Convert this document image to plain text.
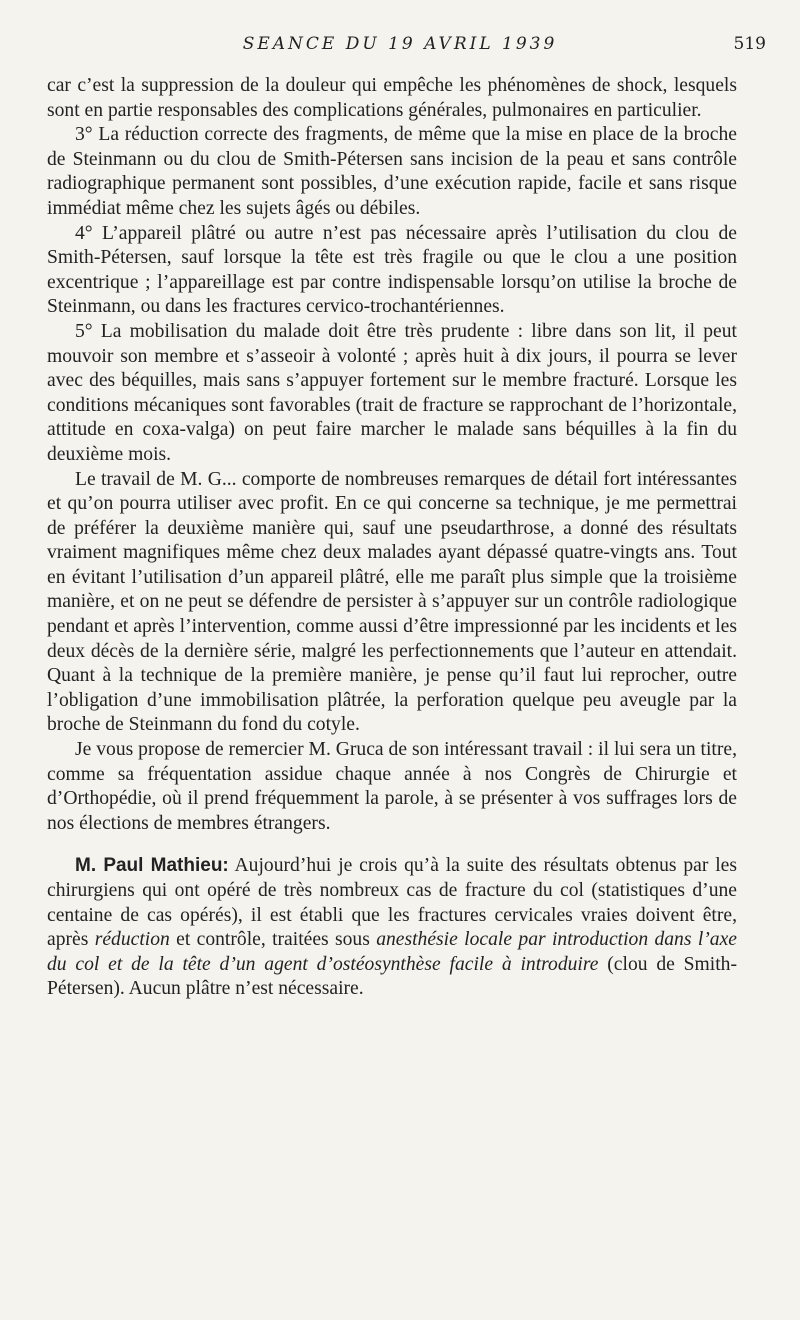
SEANCE DU 19 AVRIL 1939	519

car c’est la suppression de la douleur qui empêche les phénomènes de shock, lesquels sont en partie responsables des complications générales, pulmonaires en particulier.

3° La réduction correcte des fragments, de même que la mise en place de la broche de Steinmann ou du clou de Smith-Pétersen sans incision de la peau et sans contrôle radiographique permanent sont possibles, d’une exécution rapide, facile et sans risque immédiat même chez les sujets âgés ou débiles.

4° L’appareil plâtré ou autre n’est pas nécessaire après l’utilisation du clou de Smith-Pétersen, sauf lorsque la tête est très fragile ou que le clou a une position excentrique ; l’appareillage est par contre indispensable lorsqu’on utilise la broche de Steinmann, ou dans les fractures cervico-trochantériennes.

5° La mobilisation du malade doit être très prudente : libre dans son lit, il peut mouvoir son membre et s’asseoir à volonté ; après huit à dix jours, il pourra se lever avec des béquilles, mais sans s’appuyer fortement sur le membre fracturé. Lorsque les conditions mécaniques sont favorables (trait de fracture se rapprochant de l’horizontale, attitude en coxa-valga) on peut faire marcher le malade sans béquilles à la fin du deuxième mois.

Le travail de M. G... comporte de nombreuses remarques de détail fort intéressantes et qu’on pourra utiliser avec profit. En ce qui concerne sa technique, je me permettrai de préférer la deuxième manière qui, sauf une pseudarthrose, a donné des résultats vraiment magnifiques même chez deux malades ayant dépassé quatre-vingts ans. Tout en évitant l’utilisation d’un appareil plâtré, elle me paraît plus simple que la troisième manière, et on ne peut se défendre de persister à s’appuyer sur un contrôle radiologique pendant et après l’intervention, comme aussi d’être impressionné par les incidents et les deux décès de la dernière série, malgré les perfectionnements que l’auteur en attendait. Quant à la technique de la première manière, je pense qu’il faut lui reprocher, outre l’obligation d’une immobilisation plâtrée, la perforation quelque peu aveugle par la broche de Steinmann du fond du cotyle.

Je vous propose de remercier M. Gruca de son intéressant travail : il lui sera un titre, comme sa fréquentation assidue chaque année à nos Congrès de Chirurgie et d’Orthopédie, où il prend fréquemment la parole, à se présenter à vos suffrages lors de nos élections de membres étrangers.

M. Paul Mathieu: Aujourd’hui je crois qu’à la suite des résultats obtenus par les chirurgiens qui ont opéré de très nombreux cas de fracture du col (statistiques d’une centaine de cas opérés), il est établi que les fractures cervicales vraies doivent être, après réduction et contrôle, traitées sous anesthésie locale par introduction dans l’axe du col et de la tête d’un agent d’ostéosynthèse facile à introduire (clou de Smith-Pétersen). Aucun plâtre n’est nécessaire.
